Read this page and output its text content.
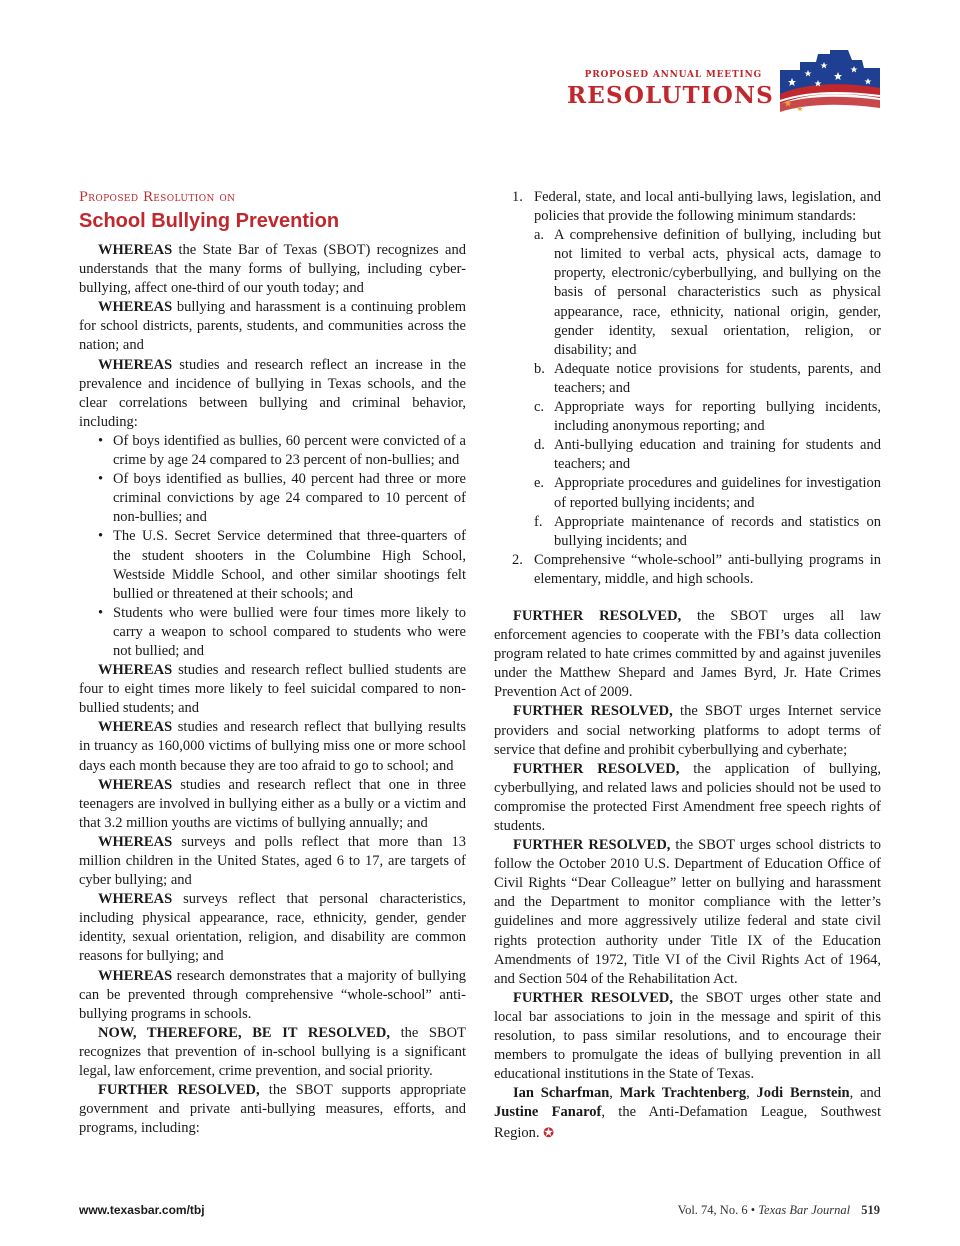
PROPOSED ANNUAL MEETING
RESOLUTIONS
Proposed Resolution on
School Bullying Prevention

WHEREAS the State Bar of Texas (SBOT) recognizes and understands that the many forms of bullying, including cyber-bullying, affect one-third of our youth today; and

WHEREAS bullying and harassment is a continuing problem for school districts, parents, students, and communities across the nation; and

WHEREAS studies and research reflect an increase in the prevalence and incidence of bullying in Texas schools, and the clear correlations between bullying and criminal behavior, including:

• Of boys identified as bullies, 60 percent were convicted of a crime by age 24 compared to 23 percent of non-bullies; and
• Of boys identified as bullies, 40 percent had three or more criminal convictions by age 24 compared to 10 percent of non-bullies; and
• The U.S. Secret Service determined that three-quarters of the student shooters in the Columbine High School, Westside Middle School, and other similar shootings felt bullied or threatened at their schools; and
• Students who were bullied were four times more likely to carry a weapon to school compared to students who were not bullied; and

WHEREAS studies and research reflect bullied students are four to eight times more likely to feel suicidal compared to non-bullied students; and

WHEREAS studies and research reflect that bullying results in truancy as 160,000 victims of bullying miss one or more school days each month because they are too afraid to go to school; and

WHEREAS studies and research reflect that one in three teenagers are involved in bullying either as a bully or a victim and that 3.2 million youths are victims of bullying annually; and

WHEREAS surveys and polls reflect that more than 13 million children in the United States, aged 6 to 17, are targets of cyber bullying; and

WHEREAS surveys reflect that personal characteristics, including physical appearance, race, ethnicity, gender, gender identity, sexual orientation, religion, and disability are common reasons for bullying; and

WHEREAS research demonstrates that a majority of bullying can be prevented through comprehensive “whole-school” anti-bullying programs in schools.

NOW, THEREFORE, BE IT RESOLVED, the SBOT recognizes that prevention of in-school bullying is a significant legal, law enforcement, crime prevention, and social priority.

FURTHER RESOLVED, the SBOT supports appropriate government and private anti-bullying measures, efforts, and programs, including:

1. Federal, state, and local anti-bullying laws, legislation, and policies that provide the following minimum standards:
a. A comprehensive definition of bullying, including but not limited to verbal acts, physical acts, damage to property, electronic/cyberbullying, and bullying on the basis of personal characteristics such as physical appearance, race, ethnicity, national origin, gender, gender identity, sexual orientation, religion, or disability; and
b. Adequate notice provisions for students, parents, and teachers; and
c. Appropriate ways for reporting bullying incidents, including anonymous reporting; and
d. Anti-bullying education and training for students and teachers; and
e. Appropriate procedures and guidelines for investigation of reported bullying incidents; and
f. Appropriate maintenance of records and statistics on bullying incidents; and
2. Comprehensive “whole-school” anti-bullying programs in elementary, middle, and high schools.

FURTHER RESOLVED, the SBOT urges all law enforcement agencies to cooperate with the FBI’s data collection program related to hate crimes committed by and against juveniles under the Matthew Shepard and James Byrd, Jr. Hate Crimes Prevention Act of 2009.

FURTHER RESOLVED, the SBOT urges Internet service providers and social networking platforms to adopt terms of service that define and prohibit cyberbullying and cyberhate;

FURTHER RESOLVED, the application of bullying, cyberbullying, and related laws and policies should not be used to compromise the protected First Amendment free speech rights of students.

FURTHER RESOLVED, the SBOT urges school districts to follow the October 2010 U.S. Department of Education Office of Civil Rights “Dear Colleague” letter on bullying and harassment and the Department to monitor compliance with the letter’s guidelines and more aggressively utilize federal and state civil rights protection authority under Title IX of the Education Amendments of 1972, Title VI of the Civil Rights Act of 1964, and Section 504 of the Rehabilitation Act.

FURTHER RESOLVED, the SBOT urges other state and local bar associations to join in the message and spirit of this resolution, to pass similar resolutions, and to encourage their members to promulgate the ideas of bullying prevention in all educational institutions in the State of Texas.

Ian Scharfman, Mark Trachtenberg, Jodi Bernstein, and Justine Fanarof, the Anti-Defamation League, Southwest Region. ✪

www.texasbar.com/tbj	Vol. 74, No. 6 • Texas Bar Journal 519
